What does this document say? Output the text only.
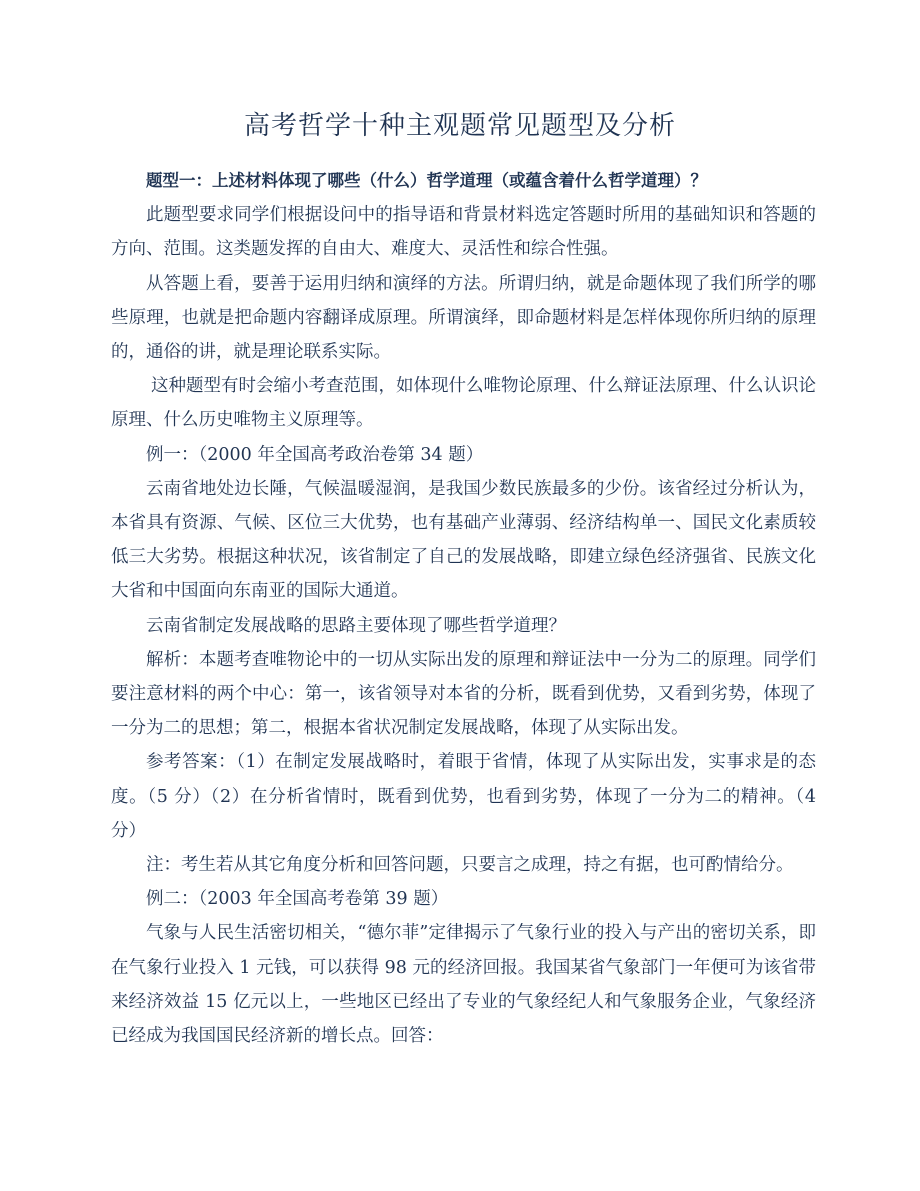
高考哲学十种主观题常见题型及分析

题型一：上述材料体现了哪些（什么）哲学道理（或蕴含着什么哲学道理）？

此题型要求同学们根据设问中的指导语和背景材料选定答题时所用的基础知识和答题的方向、范围。这类题发挥的自由大、难度大、灵活性和综合性强。

从答题上看，要善于运用归纳和演绎的方法。所谓归纳，就是命题体现了我们所学的哪些原理，也就是把命题内容翻译成原理。所谓演绎，即命题材料是怎样体现你所归纳的原理的，通俗的讲，就是理论联系实际。

这种题型有时会缩小考查范围，如体现什么唯物论原理、什么辩证法原理、什么认识论原理、什么历史唯物主义原理等。

例一：（2000 年全国高考政治卷第 34 题）

云南省地处边长陲，气候温暖湿润，是我国少数民族最多的少份。该省经过分析认为，本省具有资源、气候、区位三大优势，也有基础产业薄弱、经济结构单一、国民文化素质较低三大劣势。根据这种状况，该省制定了自己的发展战略，即建立绿色经济强省、民族文化大省和中国面向东南亚的国际大通道。

云南省制定发展战略的思路主要体现了哪些哲学道理？

解析：本题考查唯物论中的一切从实际出发的原理和辩证法中一分为二的原理。同学们要注意材料的两个中心：第一，该省领导对本省的分析，既看到优势，又看到劣势，体现了一分为二的思想；第二，根据本省状况制定发展战略，体现了从实际出发。

参考答案：（1）在制定发展战略时，着眼于省情，体现了从实际出发，实事求是的态度。（5 分）（2）在分析省情时，既看到优势，也看到劣势，体现了一分为二的精神。（4 分）

注：考生若从其它角度分析和回答问题，只要言之成理，持之有据，也可酌情给分。

例二：（2003 年全国高考卷第 39 题）

气象与人民生活密切相关，“德尔菲”定律揭示了气象行业的投入与产出的密切关系，即在气象行业投入 1 元钱，可以获得 98 元的经济回报。我国某省气象部门一年便可为该省带来经济效益 15 亿元以上，一些地区已经出了专业的气象经纪人和气象服务企业，气象经济已经成为我国国民经济新的增长点。回答：
